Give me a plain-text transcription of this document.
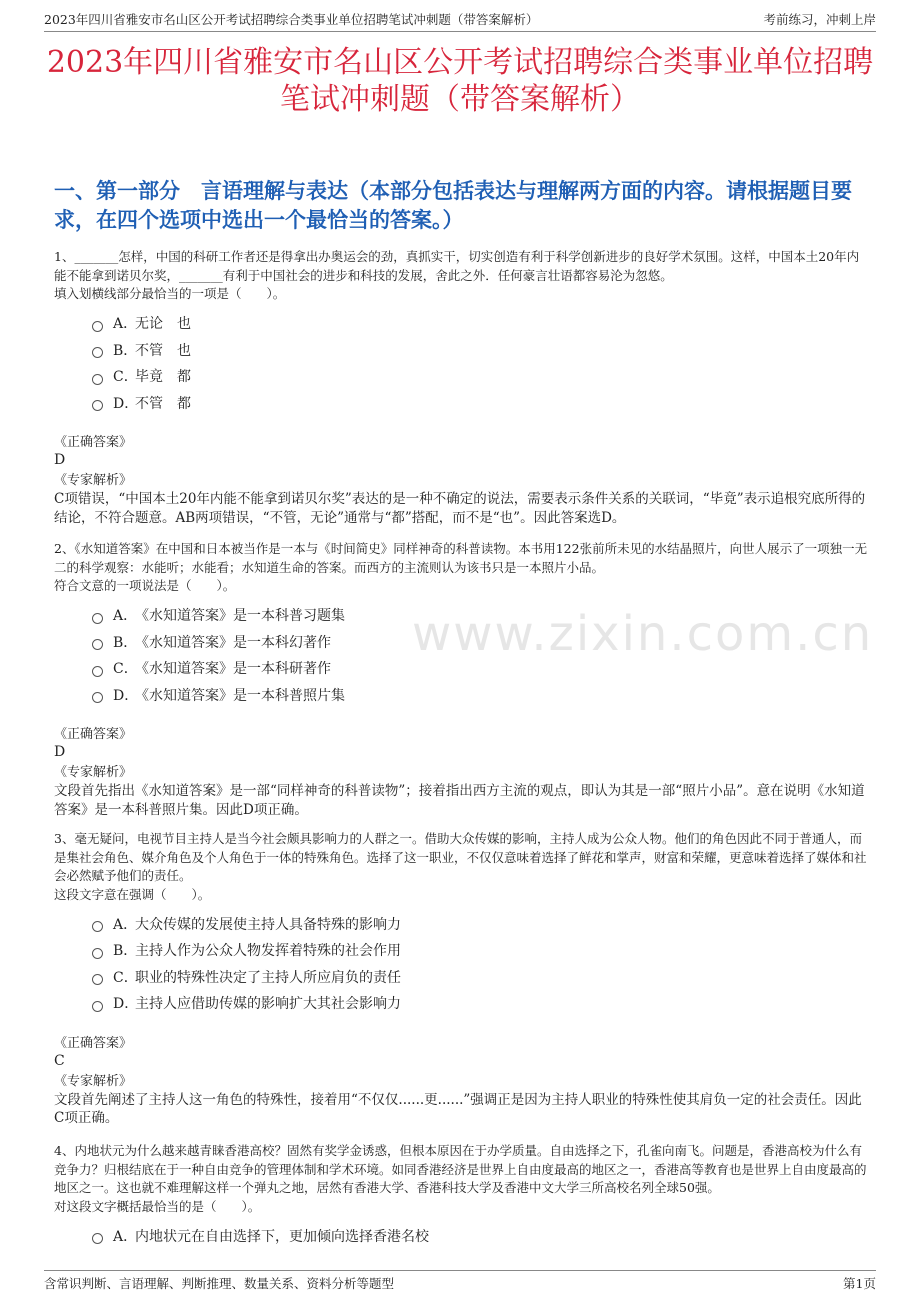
2023年四川省雅安市名山区公开考试招聘综合类事业单位招聘笔试冲刺题（带答案解析）	考前练习，冲刺上岸
2023年四川省雅安市名山区公开考试招聘综合类事业单位招聘笔试冲刺题（带答案解析）
一、第一部分　言语理解与表达（本部分包括表达与理解两方面的内容。请根据题目要求，在四个选项中选出一个最恰当的答案。）
www.zixin.com.cn

1、_______怎样，中国的科研工作者还是得拿出办奥运会的劲，真抓实干，切实创造有利于科学创新进步的良好学术氛围。这样，中国本土20年内能不能拿到诺贝尔奖，_______有利于中国社会的进步和科技的发展，舍此之外．任何豪言壮语都容易沦为忽悠。

填入划横线部分最恰当的一项是（　　）。

A．
无论　也
B．
不管　也
C．
毕竟　都
D．
不管　都
《正确答案》
D
《专家解析》

C项错误，“中国本土20年内能不能拿到诺贝尔奖”表达的是一种不确定的说法，需要表示条件关系的关联词，“毕竟”表示追根究底所得的结论，不符合题意。AB两项错误，“不管，无论”通常与“都”搭配，而不是“也”。因此答案选D。

2、《水知道答案》在中国和日本被当作是一本与《时间简史》同样神奇的科普读物。本书用122张前所未见的水结晶照片，向世人展示了一项独一无二的科学观察：水能听；水能看；水知道生命的答案。而西方的主流则认为该书只是一本照片小品。

符合文意的一项说法是（　　）。

A．
《水知道答案》是一本科普习题集
B．
《水知道答案》是一本科幻著作
C．
《水知道答案》是一本科研著作
D．
《水知道答案》是一本科普照片集
《正确答案》
D
《专家解析》

文段首先指出《水知道答案》是一部“同样神奇的科普读物”；接着指出西方主流的观点，即认为其是一部“照片小品”。意在说明《水知道答案》是一本科普照片集。因此D项正确。

3、毫无疑问，电视节目主持人是当今社会颇具影响力的人群之一。借助大众传媒的影响，主持人成为公众人物。他们的角色因此不同于普通人，而是集社会角色、媒介角色及个人角色于一体的特殊角色。选择了这一职业，不仅仅意味着选择了鲜花和掌声，财富和荣耀，更意味着选择了媒体和社会必然赋予他们的责任。

这段文字意在强调（　　）。

A．
大众传媒的发展使主持人具备特殊的影响力
B．
主持人作为公众人物发挥着特殊的社会作用
C．
职业的特殊性决定了主持人所应肩负的责任
D．
主持人应借助传媒的影响扩大其社会影响力
《正确答案》
C
《专家解析》

文段首先阐述了主持人这一角色的特殊性，接着用“不仅仅......更......”强调正是因为主持人职业的特殊性使其肩负一定的社会责任。因此C项正确。

4、内地状元为什么越来越青睐香港高校？固然有奖学金诱惑，但根本原因在于办学质量。自由选择之下，孔雀向南飞。问题是，香港高校为什么有竞争力？归根结底在于一种自由竞争的管理体制和学术环境。如同香港经济是世界上自由度最高的地区之一，香港高等教育也是世界上自由度最高的地区之一。这也就不难理解这样一个弹丸之地，居然有香港大学、香港科技大学及香港中文大学三所高校名列全球50强。

对这段文字概括最恰当的是（　　）。

A．
内地状元在自由选择下，更加倾向选择香港名校
含常识判断、言语理解、判断推理、数量关系、资料分析等题型	第1页
